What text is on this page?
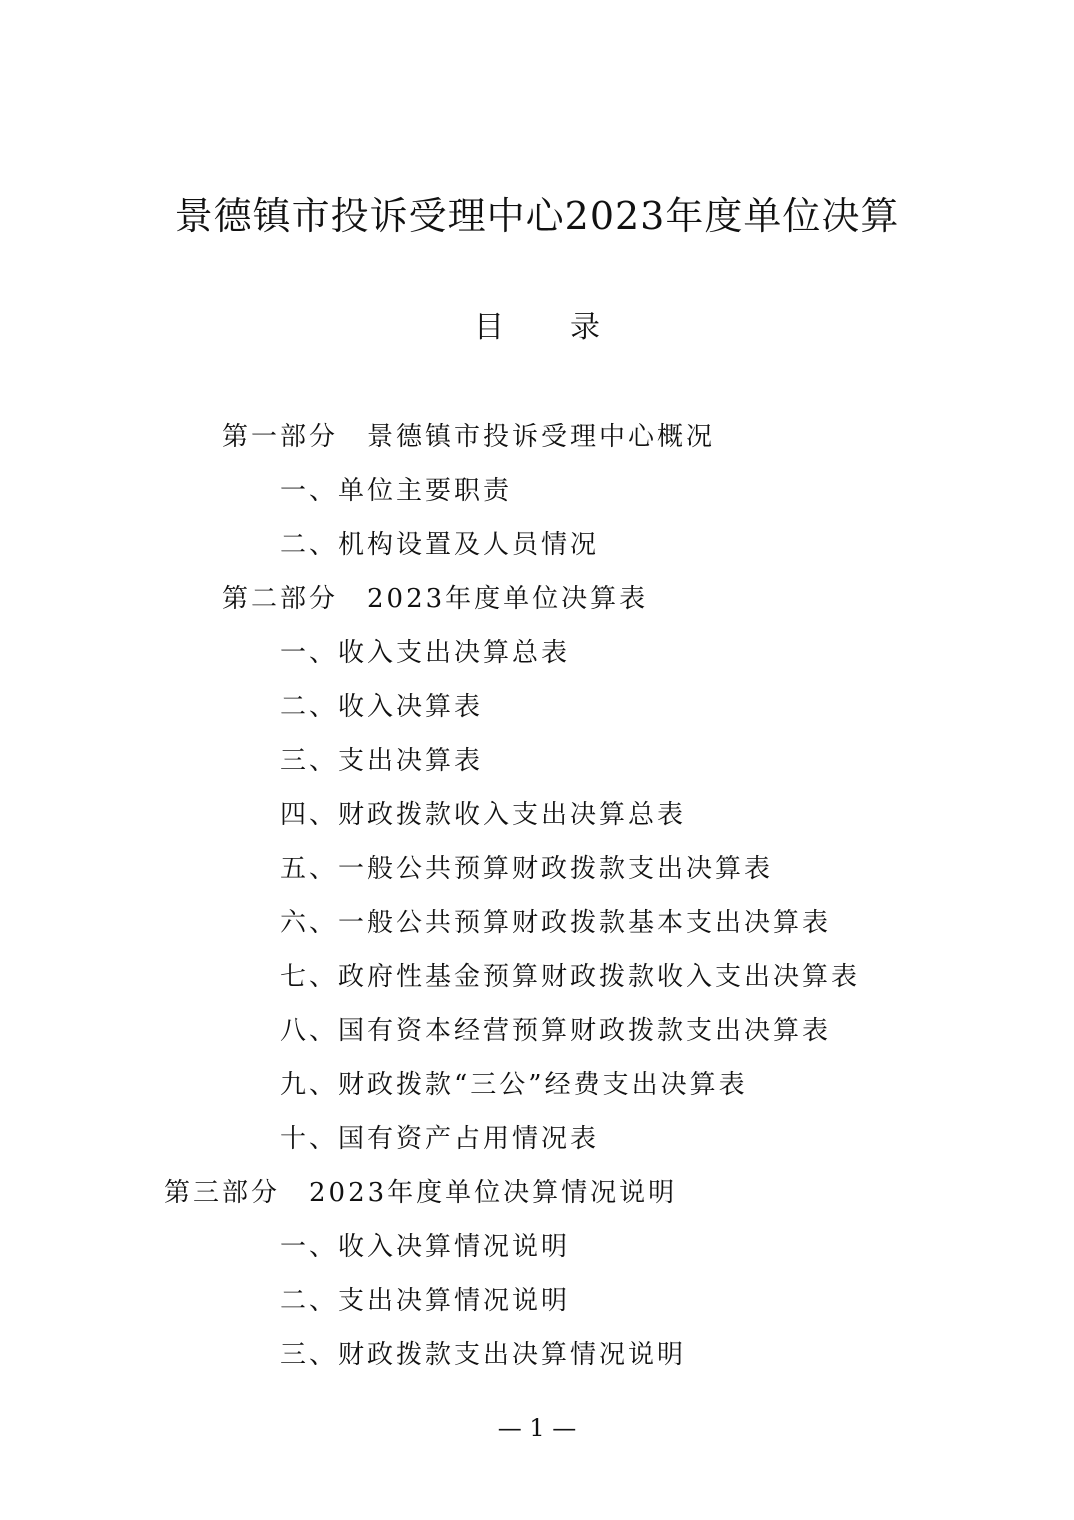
景德镇市投诉受理中心2023年度单位决算
目 录
第一部分　景德镇市投诉受理中心概况
一、单位主要职责
二、机构设置及人员情况
第二部分　2023年度单位决算表
一、收入支出决算总表
二、收入决算表
三、支出决算表
四、财政拨款收入支出决算总表
五、一般公共预算财政拨款支出决算表
六、一般公共预算财政拨款基本支出决算表
七、政府性基金预算财政拨款收入支出决算表
八、国有资本经营预算财政拨款支出决算表
九、财政拨款“三公”经费支出决算表
十、国有资产占用情况表
第三部分　2023年度单位决算情况说明
一、收入决算情况说明
二、支出决算情况说明
三、财政拨款支出决算情况说明
— 1 —
